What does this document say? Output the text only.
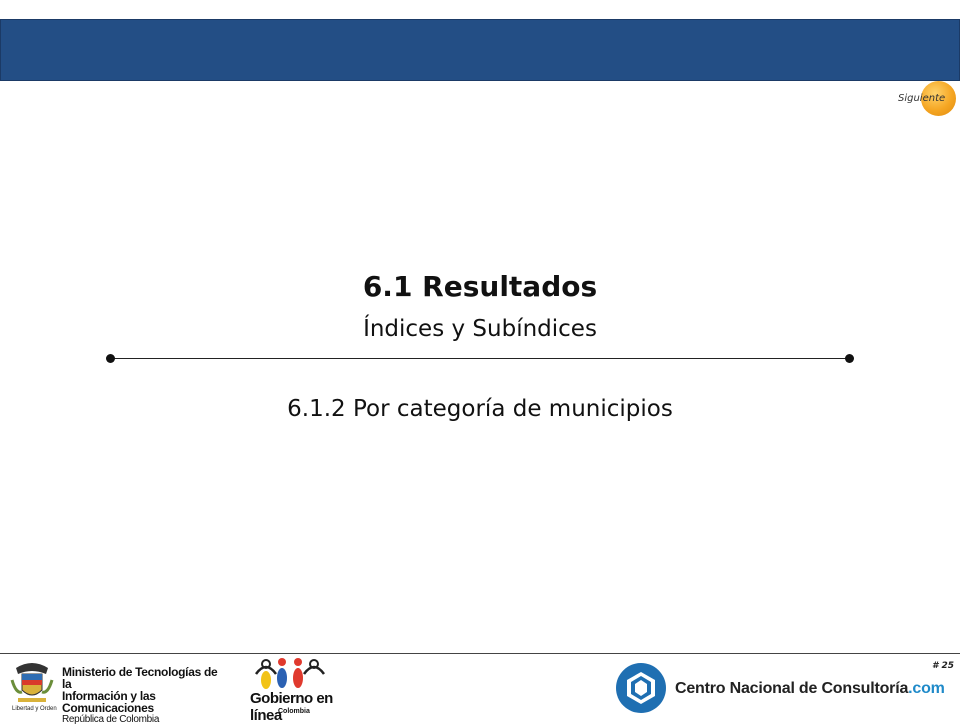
Siguiente
6.1 Resultados
Índices y Subíndices
6.1.2 Por categoría de municipios
# 25
Ministerio de Tecnologías de la
Información y las Comunicaciones
República de Colombia
Libertad y Orden
Gobierno en línea
Colombia
Centro Nacional de Consultoría.com
